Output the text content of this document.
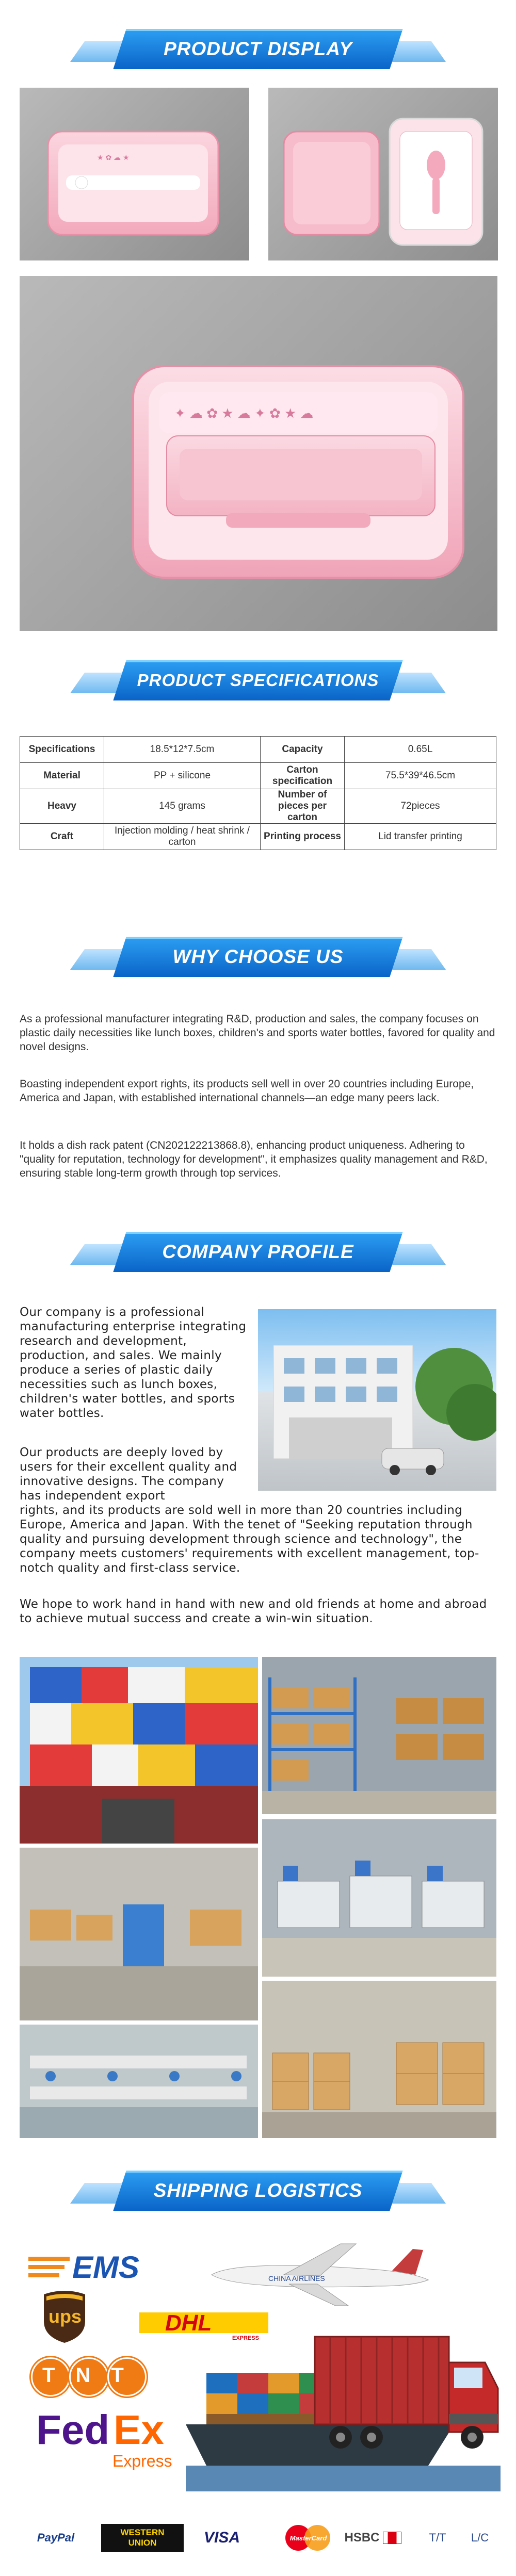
PRODUCT DISPLAY
★ ✿ ☁ ★
✦ ☁ ✿ ★ ☁ ✦ ✿ ★ ☁
PRODUCT SPECIFICATIONS
Specifications	18.5*12*7.5cm	Capacity	0.65L
Material	PP + silicone	Carton specification	75.5*39*46.5cm
Heavy	145 grams	Number of pieces per carton	72pieces
Craft	Injection molding / heat shrink / carton	Printing process	Lid transfer printing
WHY CHOOSE US
As a professional manufacturer integrating R&D, production and sales, the company focuses on plastic daily necessities like lunch boxes, children's and sports water bottles, favored for quality and novel designs.
Boasting independent export rights, its products sell well in over 20 countries including Europe, America and Japan, with established international channels—an edge many peers lack.
It holds a dish rack patent (CN202122213868.8), enhancing product uniqueness. Adhering to "quality for reputation, technology for development", it emphasizes quality management and R&D, ensuring stable long-term growth through top services.
COMPANY PROFILE
Our company is a professional manufacturing enterprise integrating research and development, production, and sales. We mainly produce a series of plastic daily necessities such as lunch boxes, children's water bottles, and sports water bottles.
Our products are deeply loved by users for their excellent quality and innovative designs. The company has independent export
rights, and its products are sold well in more than 20 countries including Europe, America and Japan. With the tenet of "Seeking reputation through quality and pursuing development through science and technology", the company meets customers' requirements with excellent management, top-notch quality and first-class service.
We hope to work hand in hand with new and old friends at home and abroad to achieve mutual success and create a win-win situation.
SHIPPING LOGISTICS
EMS
ups	DHL
EXPRESS
TNT
Fed Ex
Express
CHINA AIRLINES
PayPal	WESTERN
UNION	VISA	MasterCard HSBC	T/T L/C
